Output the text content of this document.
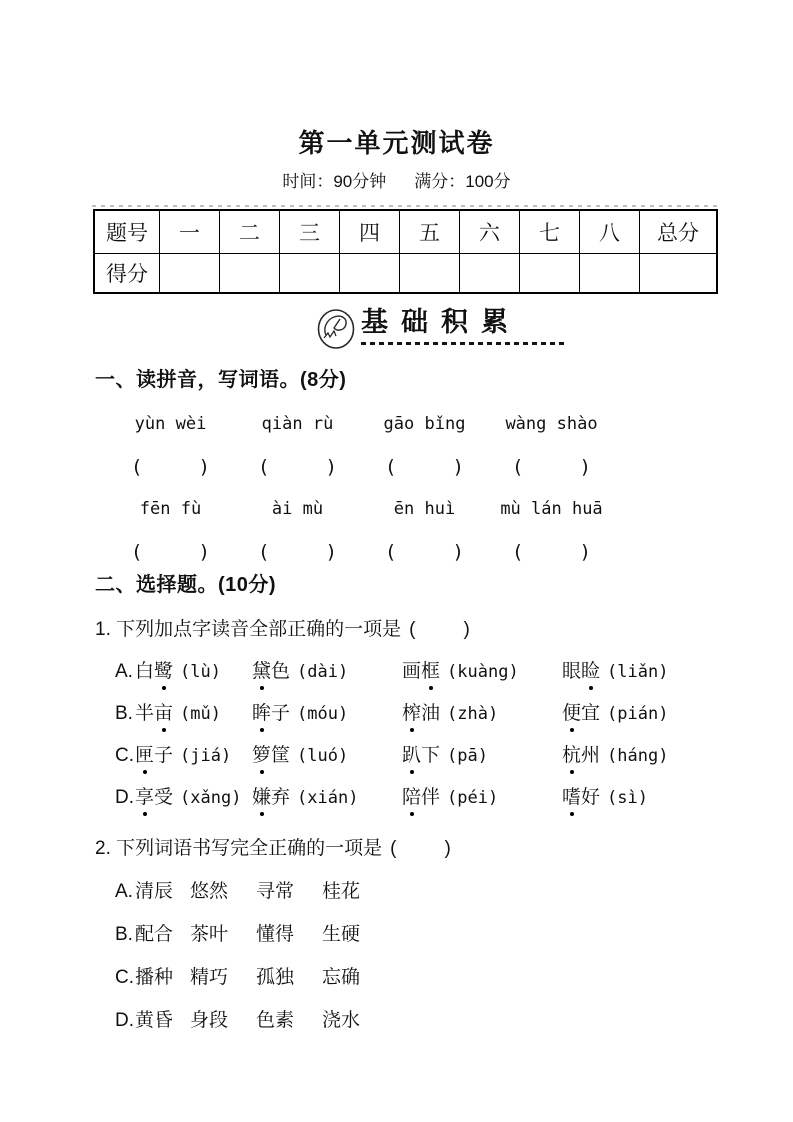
第一单元测试卷
时间：90分钟 满分：100分
题号	一	二	三	四	五	六	七	八	总分
得分									
基础积累
一、读拼音，写词语。(8分)
yùn wèi	qiàn rù	gāo bǐng	wàng shào
(	)	(	)	(	)	(	)
fēn fù	ài mù	ēn huì	mù lán huā
(	)	(	)	(	)	(	)
二、选择题。(10分)
1. 下列加点字读音全部正确的一项是 (	)
A. 白鹭 (lù)	黛色 (dài)	画框 (kuàng)	眼睑 (liǎn)
B. 半亩 (mǔ)	眸子 (móu)	榨油 (zhà)	便宜 (pián)
C. 匣子 (jiá)	箩筐 (luó)	趴下 (pā)	杭州 (háng)
D. 享受 (xǎng) 嫌弃 (xián)	陪伴 (péi)	嗜好 (sì)
2. 下列词语书写完全正确的一项是 (	)
A. 清辰 悠然 寻常 桂花
B. 配合 茶叶 懂得 生硬
C. 播种 精巧 孤独 忘确
D. 黄昏 身段 色素 浇水
